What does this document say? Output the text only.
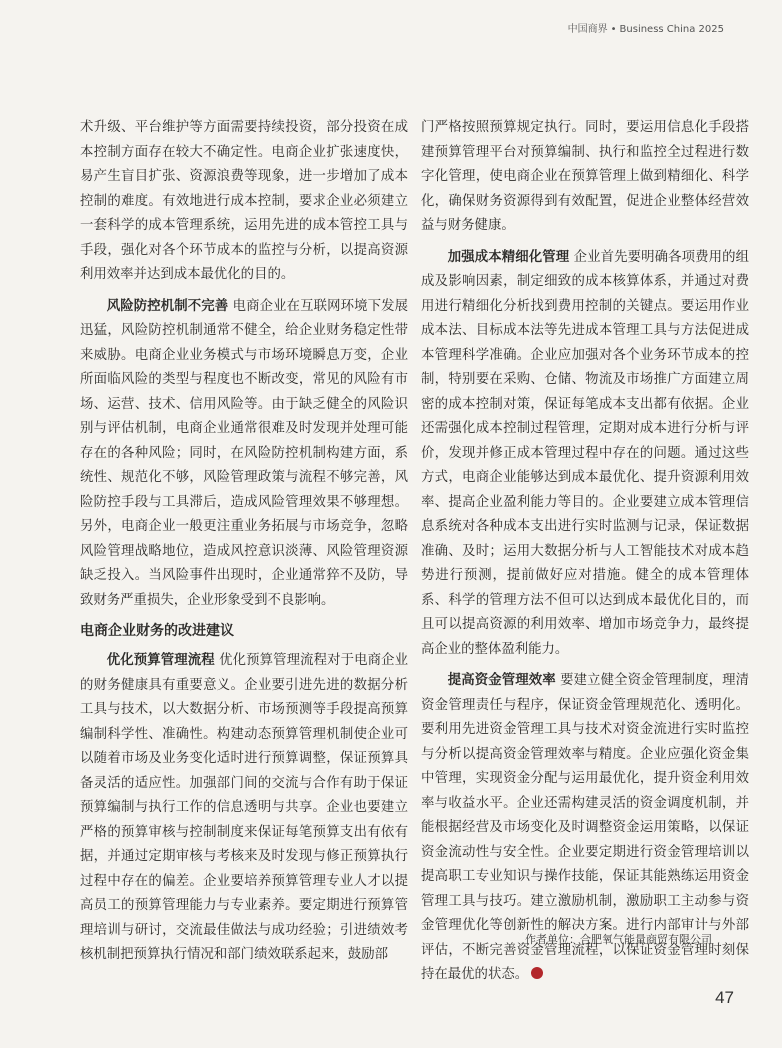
中国商界 • Business China 2025

术升级、平台维护等方面需要持续投资，部分投资在成本控制方面存在较大不确定性。电商企业扩张速度快，易产生盲目扩张、资源浪费等现象，进一步增加了成本控制的难度。有效地进行成本控制，要求企业必须建立一套科学的成本管理系统，运用先进的成本管控工具与手段，强化对各个环节成本的监控与分析，以提高资源利用效率并达到成本最优化的目的。

风险防控机制不完善 电商企业在互联网环境下发展迅猛，风险防控机制通常不健全，给企业财务稳定性带来威胁。电商企业业务模式与市场环境瞬息万变，企业所面临风险的类型与程度也不断改变，常见的风险有市场、运营、技术、信用风险等。由于缺乏健全的风险识别与评估机制，电商企业通常很难及时发现并处理可能存在的各种风险；同时，在风险防控机制构建方面，系统性、规范化不够，风险管理政策与流程不够完善，风险防控手段与工具滞后，造成风险管理效果不够理想。另外，电商企业一般更注重业务拓展与市场竞争，忽略风险管理战略地位，造成风控意识淡薄、风险管理资源缺乏投入。当风险事件出现时，企业通常猝不及防，导致财务严重损失，企业形象受到不良影响。

电商企业财务的改进建议

优化预算管理流程 优化预算管理流程对于电商企业的财务健康具有重要意义。企业要引进先进的数据分析工具与技术，以大数据分析、市场预测等手段提高预算编制科学性、准确性。构建动态预算管理机制使企业可以随着市场及业务变化适时进行预算调整，保证预算具备灵活的适应性。加强部门间的交流与合作有助于保证预算编制与执行工作的信息透明与共享。企业也要建立严格的预算审核与控制制度来保证每笔预算支出有依有据，并通过定期审核与考核来及时发现与修正预算执行过程中存在的偏差。企业要培养预算管理专业人才以提高员工的预算管理能力与专业素养。要定期进行预算管理培训与研讨，交流最佳做法与成功经验；引进绩效考核机制把预算执行情况和部门绩效联系起来，鼓励部

门严格按照预算规定执行。同时，要运用信息化手段搭建预算管理平台对预算编制、执行和监控全过程进行数字化管理，使电商企业在预算管理上做到精细化、科学化，确保财务资源得到有效配置，促进企业整体经营效益与财务健康。

加强成本精细化管理 企业首先要明确各项费用的组成及影响因素，制定细致的成本核算体系，并通过对费用进行精细化分析找到费用控制的关键点。要运用作业成本法、目标成本法等先进成本管理工具与方法促进成本管理科学准确。企业应加强对各个业务环节成本的控制，特别要在采购、仓储、物流及市场推广方面建立周密的成本控制对策，保证每笔成本支出都有依据。企业还需强化成本控制过程管理，定期对成本进行分析与评价，发现并修正成本管理过程中存在的问题。通过这些方式，电商企业能够达到成本最优化、提升资源利用效率、提高企业盈利能力等目的。企业要建立成本管理信息系统对各种成本支出进行实时监测与记录，保证数据准确、及时；运用大数据分析与人工智能技术对成本趋势进行预测，提前做好应对措施。健全的成本管理体系、科学的管理方法不但可以达到成本最优化目的，而且可以提高资源的利用效率、增加市场竞争力，最终提高企业的整体盈利能力。

提高资金管理效率 要建立健全资金管理制度，理清资金管理责任与程序，保证资金管理规范化、透明化。要利用先进资金管理工具与技术对资金流进行实时监控与分析以提高资金管理效率与精度。企业应强化资金集中管理，实现资金分配与运用最优化，提升资金利用效率与收益水平。企业还需构建灵活的资金调度机制，并能根据经营及市场变化及时调整资金运用策略，以保证资金流动性与安全性。企业要定期进行资金管理培训以提高职工专业知识与操作技能，保证其能熟练运用资金管理工具与技巧。建立激励机制，激励职工主动参与资金管理优化等创新性的解决方案。进行内部审计与外部评估，不断完善资金管理流程，以保证资金管理时刻保持在最优的状态。

作者单位：合肥氧气能量商贸有限公司
47
